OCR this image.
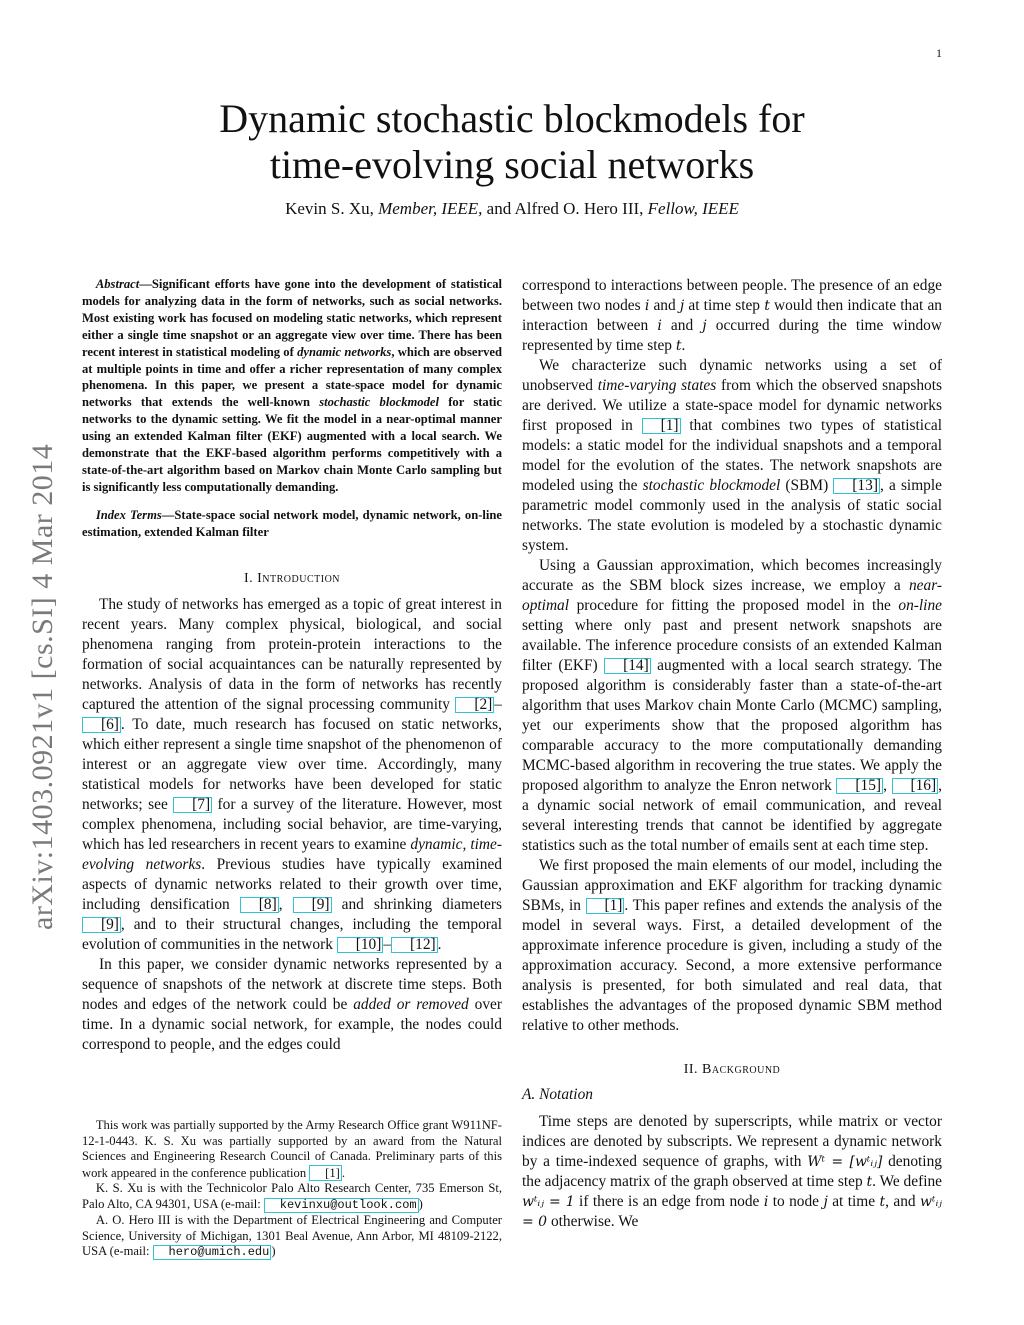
1
arXiv:1403.0921v1 [cs.SI] 4 Mar 2014
Dynamic stochastic blockmodels for
time-evolving social networks
Kevin S. Xu, Member, IEEE, and Alfred O. Hero III, Fellow, IEEE

Abstract—Significant efforts have gone into the development of statistical models for analyzing data in the form of networks, such as social networks. Most existing work has focused on modeling static networks, which represent either a single time snapshot or an aggregate view over time. There has been recent interest in statistical modeling of dynamic networks, which are observed at multiple points in time and offer a richer representation of many complex phenomena. In this paper, we present a state-space model for dynamic networks that extends the well-known stochastic blockmodel for static networks to the dynamic setting. We fit the model in a near-optimal manner using an extended Kalman filter (EKF) augmented with a local search. We demonstrate that the EKF-based algorithm performs competitively with a state-of-the-art algorithm based on Markov chain Monte Carlo sampling but is significantly less computationally demanding.

Index Terms—State-space social network model, dynamic network, on-line estimation, extended Kalman filter

I. Introduction

The study of networks has emerged as a topic of great interest in recent years. Many complex physical, biological, and social phenomena ranging from protein-protein interactions to the formation of social acquaintances can be naturally represented by networks. Analysis of data in the form of networks has recently captured the attention of the signal processing community [2] –[6] . To date, much research has focused on static networks, which either represent a single time snapshot of the phenomenon of interest or an aggregate view over time. Accordingly, many statistical models for networks have been developed for static networks; see [7] for a survey of the literature. However, most complex phenomena, including social behavior, are time-varying, which has led researchers in recent years to examine dynamic, time-evolving networks. Previous studies have typically examined aspects of dynamic networks related to their growth over time, including densification [8] , [9] and shrinking diameters [9] , and to their structural changes, including the temporal evolution of communities in the network [10] – [12] .

In this paper, we consider dynamic networks represented by a sequence of snapshots of the network at discrete time steps. Both nodes and edges of the network could be added or removed over time. In a dynamic social network, for example, the nodes could correspond to people, and the edges could

This work was partially supported by the Army Research Office grant W911NF-12-1-0443. K. S. Xu was partially supported by an award from the Natural Sciences and Engineering Research Council of Canada. Preliminary parts of this work appeared in the conference publication [1] .

K. S. Xu is with the Technicolor Palo Alto Research Center, 735 Emerson St, Palo Alto, CA 94301, USA (e-mail: kevinxu@outlook.com )

A. O. Hero III is with the Department of Electrical Engineering and Computer Science, University of Michigan, 1301 Beal Avenue, Ann Arbor, MI 48109-2122, USA (e-mail: hero@umich.edu )

correspond to interactions between people. The presence of an edge between two nodes i and j at time step t would then indicate that an interaction between i and j occurred during the time window represented by time step t.

We characterize such dynamic networks using a set of unobserved time-varying states from which the observed snapshots are derived. We utilize a state-space model for dynamic networks first proposed in [1] that combines two types of statistical models: a static model for the individual snapshots and a temporal model for the evolution of the states. The network snapshots are modeled using the stochastic blockmodel (SBM) [13] , a simple parametric model commonly used in the analysis of static social networks. The state evolution is modeled by a stochastic dynamic system.

Using a Gaussian approximation, which becomes increasingly accurate as the SBM block sizes increase, we employ a near-optimal procedure for fitting the proposed model in the on-line setting where only past and present network snapshots are available. The inference procedure consists of an extended Kalman filter (EKF) [14] augmented with a local search strategy. The proposed algorithm is considerably faster than a state-of-the-art algorithm that uses Markov chain Monte Carlo (MCMC) sampling, yet our experiments show that the proposed algorithm has comparable accuracy to the more computationally demanding MCMC-based algorithm in recovering the true states. We apply the proposed algorithm to analyze the Enron network [15] , [16] , a dynamic social network of email communication, and reveal several interesting trends that cannot be identified by aggregate statistics such as the total number of emails sent at each time step.

We first proposed the main elements of our model, including the Gaussian approximation and EKF algorithm for tracking dynamic SBMs, in [1] . This paper refines and extends the analysis of the model in several ways. First, a detailed development of the approximate inference procedure is given, including a study of the approximation accuracy. Second, a more extensive performance analysis is presented, for both simulated and real data, that establishes the advantages of the proposed dynamic SBM method relative to other methods.

II. Background
A. Notation

Time steps are denoted by superscripts, while matrix or vector indices are denoted by subscripts. We represent a dynamic network by a time-indexed sequence of graphs, with Wᵗ = [wᵗᵢⱼ] denoting the adjacency matrix of the graph observed at time step t. We define wᵗᵢⱼ = 1 if there is an edge from node i to node j at time t, and wᵗᵢⱼ = 0 otherwise. We
